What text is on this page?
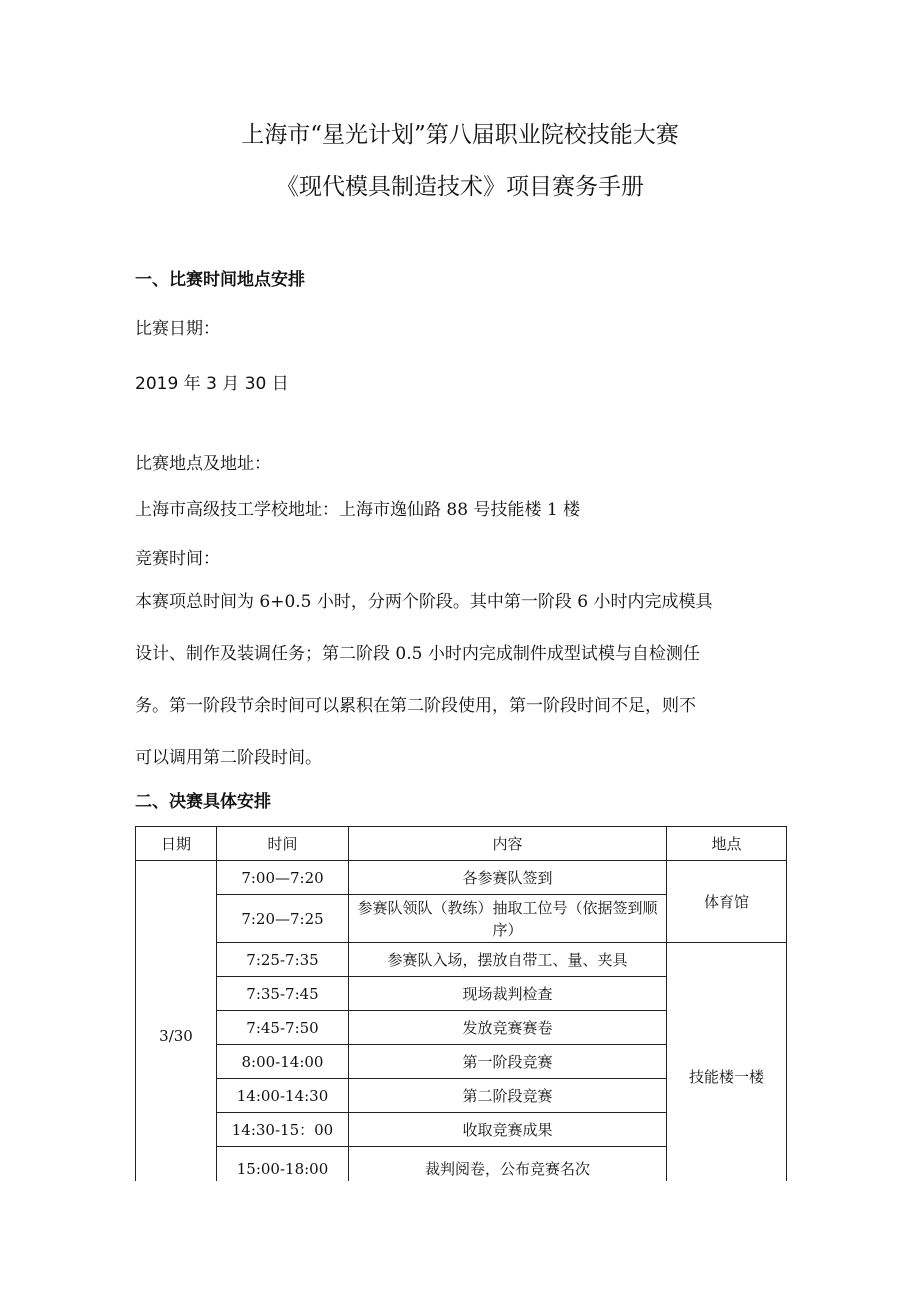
上海市“星光计划”第八届职业院校技能大赛
《现代模具制造技术》项目赛务手册
一、比赛时间地点安排
比赛日期：
2019 年 3 月 30 日
比赛地点及地址：
上海市高级技工学校地址：上海市逸仙路 88 号技能楼 1 楼
竞赛时间：
本赛项总时间为 6+0.5 小时，分两个阶段。其中第一阶段 6 小时内完成模具
设计、制作及装调任务；第二阶段 0.5 小时内完成制件成型试模与自检测任
务。第一阶段节余时间可以累积在第二阶段使用，第一阶段时间不足，则不
可以调用第二阶段时间。
二、决赛具体安排
日期	时间	内容	地点
3/30	7:00—7:20	各参赛队签到	体育馆
	7:20—7:25	参赛队领队（教练）抽取工位号（依据签到顺序）	
	7:25-7:35	参赛队入场，摆放自带工、量、夹具	技能楼一楼
	7:35-7:45	现场裁判检查	
	7:45-7:50	发放竞赛赛卷	
	8:00-14:00	第一阶段竞赛	
	14:00-14:30	第二阶段竞赛	
	14:30-15：00	收取竞赛成果	
	15:00-18:00	裁判阅卷，公布竞赛名次	
